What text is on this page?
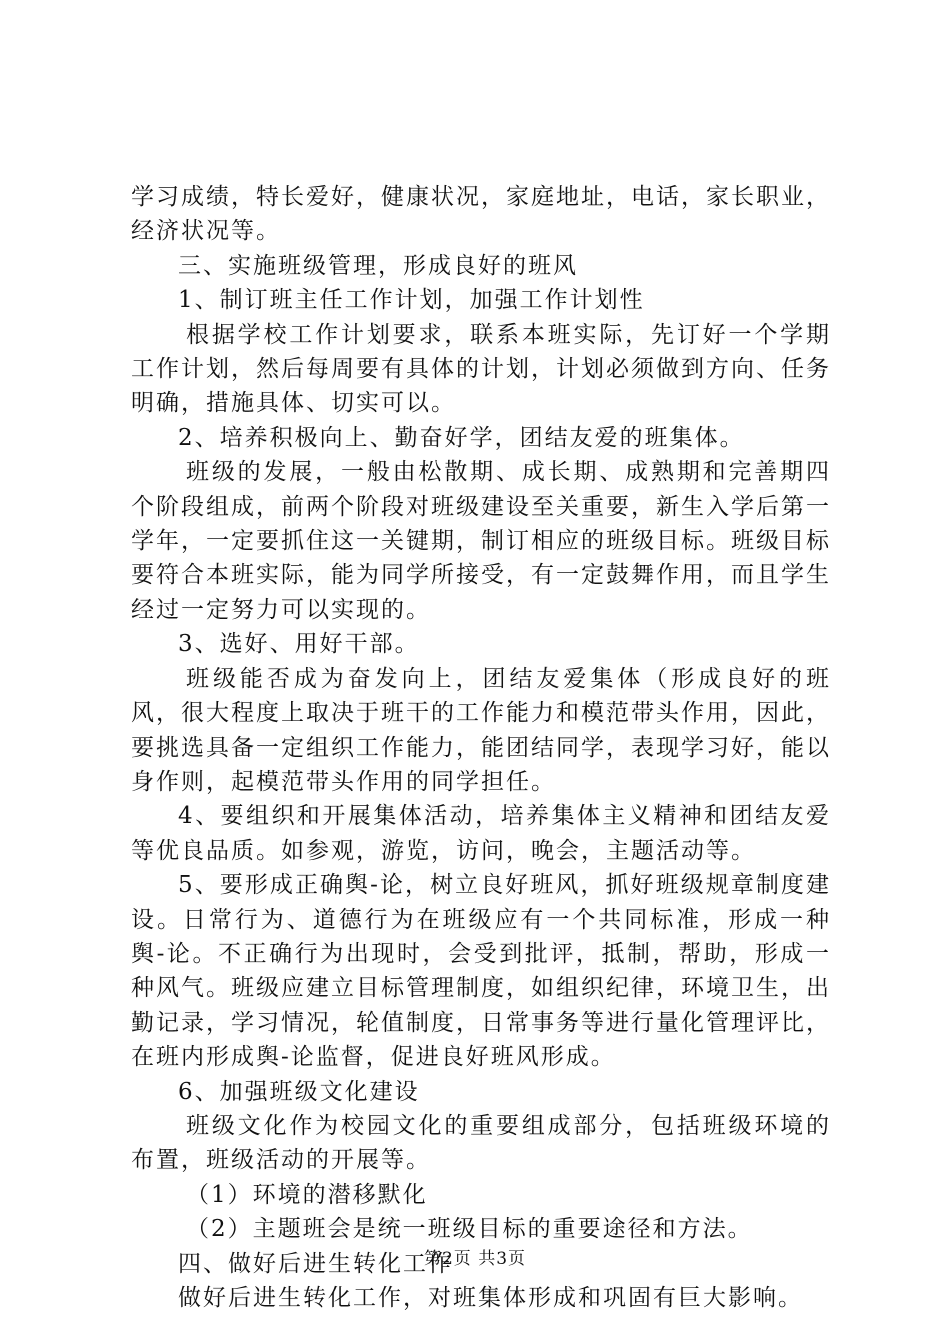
学习成绩，特长爱好，健康状况，家庭地址，电话，家长职业，经济状况等。

三、实施班级管理，形成良好的班风

1、制订班主任工作计划，加强工作计划性

根据学校工作计划要求，联系本班实际，先订好一个学期工作计划，然后每周要有具体的计划，计划必须做到方向、任务明确，措施具体、切实可以。

2、培养积极向上、勤奋好学，团结友爱的班集体。

班级的发展，一般由松散期、成长期、成熟期和完善期四个阶段组成，前两个阶段对班级建设至关重要，新生入学后第一学年，一定要抓住这一关键期，制订相应的班级目标。班级目标要符合本班实际，能为同学所接受，有一定鼓舞作用，而且学生经过一定努力可以实现的。

3、选好、用好干部。

班级能否成为奋发向上，团结友爱集体（形成良好的班风，很大程度上取决于班干的工作能力和模范带头作用，因此，要挑选具备一定组织工作能力，能团结同学，表现学习好，能以身作则，起模范带头作用的同学担任。

4、要组织和开展集体活动，培养集体主义精神和团结友爱等优良品质。如参观，游览，访问，晚会，主题活动等。

5、要形成正确舆-论，树立良好班风，抓好班级规章制度建设。日常行为、道德行为在班级应有一个共同标准，形成一种舆-论。不正确行为出现时，会受到批评，抵制，帮助，形成一种风气。班级应建立目标管理制度，如组织纪律，环境卫生，出勤记录，学习情况，轮值制度，日常事务等进行量化管理评比，在班内形成舆-论监督，促进良好班风形成。

6、加强班级文化建设

班级文化作为校园文化的重要组成部分，包括班级环境的布置，班级活动的开展等。

（1）环境的潜移默化

（2）主题班会是统一班级目标的重要途径和方法。

四、做好后进生转化工作

做好后进生转化工作，对班集体形成和巩固有巨大影响。

第2页 共3页
